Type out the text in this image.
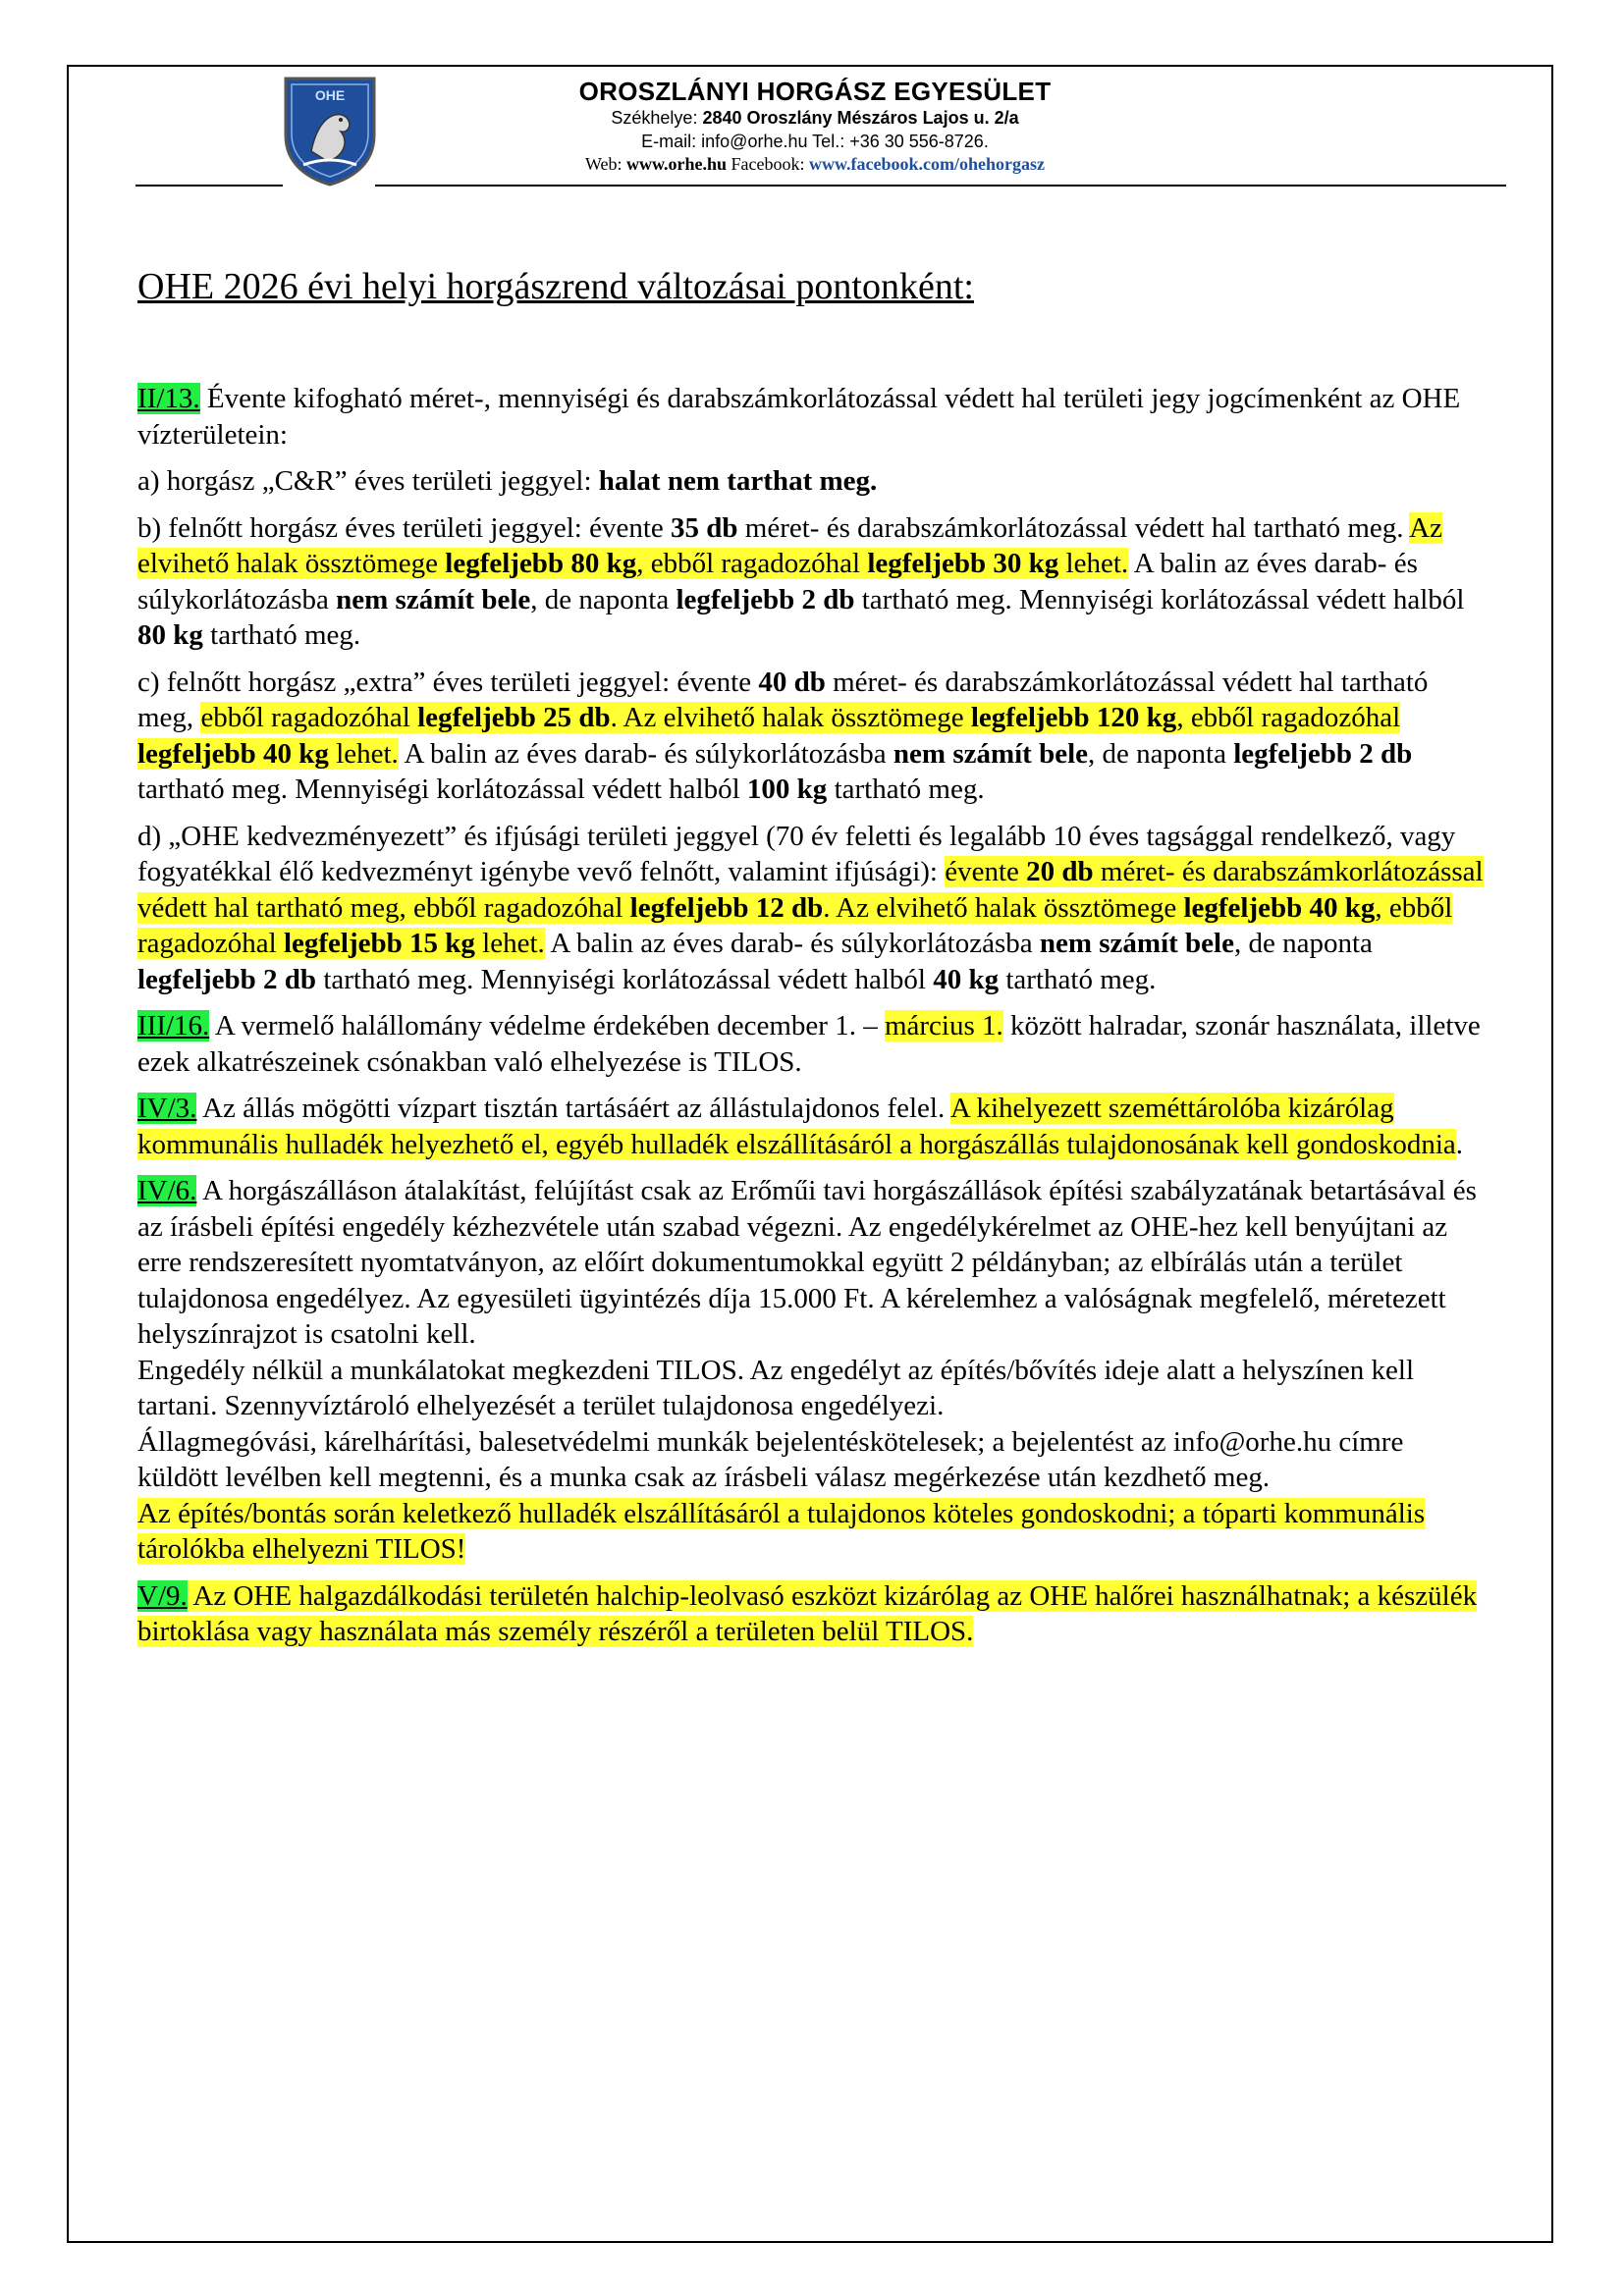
OHE	OROSZLÁNYI HORGÁSZ EGYESÜLET
Székhelye: 2840 Oroszlány Mészáros Lajos u. 2/a
E-mail: info@orhe.hu Tel.: +36 30 556-8726.
Web: www.orhe.hu Facebook: www.facebook.com/ohehorgasz
OHE 2026 évi helyi horgászrend változásai pontonként:

II/13. Évente kifogható méret-, mennyiségi és darabszámkorlátozással védett hal területi jegy jogcímenként az OHE vízterületein:

a) horgász „C&R” éves területi jeggyel: halat nem tarthat meg.

b) felnőtt horgász éves területi jeggyel: évente 35 db méret- és darabszámkorlátozással védett hal tartható meg. Az elvihető halak össztömege legfeljebb 80 kg, ebből ragadozóhal legfeljebb 30 kg lehet. A balin az éves darab- és súlykorlátozásba nem számít bele, de naponta legfeljebb 2 db tartható meg. Mennyiségi korlátozással védett halból 80 kg tartható meg.

c) felnőtt horgász „extra” éves területi jeggyel: évente 40 db méret- és darabszámkorlátozással védett hal tartható meg, ebből ragadozóhal legfeljebb 25 db. Az elvihető halak össztömege legfeljebb 120 kg, ebből ragadozóhal legfeljebb 40 kg lehet. A balin az éves darab- és súlykorlátozásba nem számít bele, de naponta legfeljebb 2 db tartható meg. Mennyiségi korlátozással védett halból 100 kg tartható meg.

d) „OHE kedvezményezett” és ifjúsági területi jeggyel (70 év feletti és legalább 10 éves tagsággal rendelkező, vagy fogyatékkal élő kedvezményt igénybe vevő felnőtt, valamint ifjúsági): évente 20 db méret- és darabszámkorlátozással védett hal tartható meg, ebből ragadozóhal legfeljebb 12 db. Az elvihető halak össztömege legfeljebb 40 kg, ebből ragadozóhal legfeljebb 15 kg lehet. A balin az éves darab- és súlykorlátozásba nem számít bele, de naponta legfeljebb 2 db tartható meg. Mennyiségi korlátozással védett halból 40 kg tartható meg.

III/16. A vermelő halállomány védelme érdekében december 1. – március 1. között halradar, szonár használata, illetve ezek alkatrészeinek csónakban való elhelyezése is TILOS.

IV/3. Az állás mögötti vízpart tisztán tartásáért az állástulajdonos felel. A kihelyezett szeméttárolóba kizárólag kommunális hulladék helyezhető el, egyéb hulladék elszállításáról a horgászállás tulajdonosának kell gondoskodnia.

IV/6. A horgászálláson átalakítást, felújítást csak az Erőműi tavi horgászállások építési szabályzatának betartásával és az írásbeli építési engedély kézhezvétele után szabad végezni. Az engedélykérelmet az OHE-hez kell benyújtani az erre rendszeresített nyomtatványon, az előírt dokumentumokkal együtt 2 példányban; az elbírálás után a terület tulajdonosa engedélyez. Az egyesületi ügyintézés díja 15.000 Ft. A kérelemhez a valóságnak megfelelő, méretezett helyszínrajzot is csatolni kell.
Engedély nélkül a munkálatokat megkezdeni TILOS. Az engedélyt az építés/bővítés ideje alatt a helyszínen kell tartani. Szennyvíztároló elhelyezését a terület tulajdonosa engedélyezi.
Állagmegóvási, kárelhárítási, balesetvédelmi munkák bejelentéskötelesek; a bejelentést az info@orhe.hu címre küldött levélben kell megtenni, és a munka csak az írásbeli válasz megérkezése után kezdhető meg.
Az építés/bontás során keletkező hulladék elszállításáról a tulajdonos köteles gondoskodni; a tóparti kommunális tárolókba elhelyezni TILOS!

V/9. Az OHE halgazdálkodási területén halchip-leolvasó eszközt kizárólag az OHE halőrei használhatnak; a készülék birtoklása vagy használata más személy részéről a területen belül TILOS.
